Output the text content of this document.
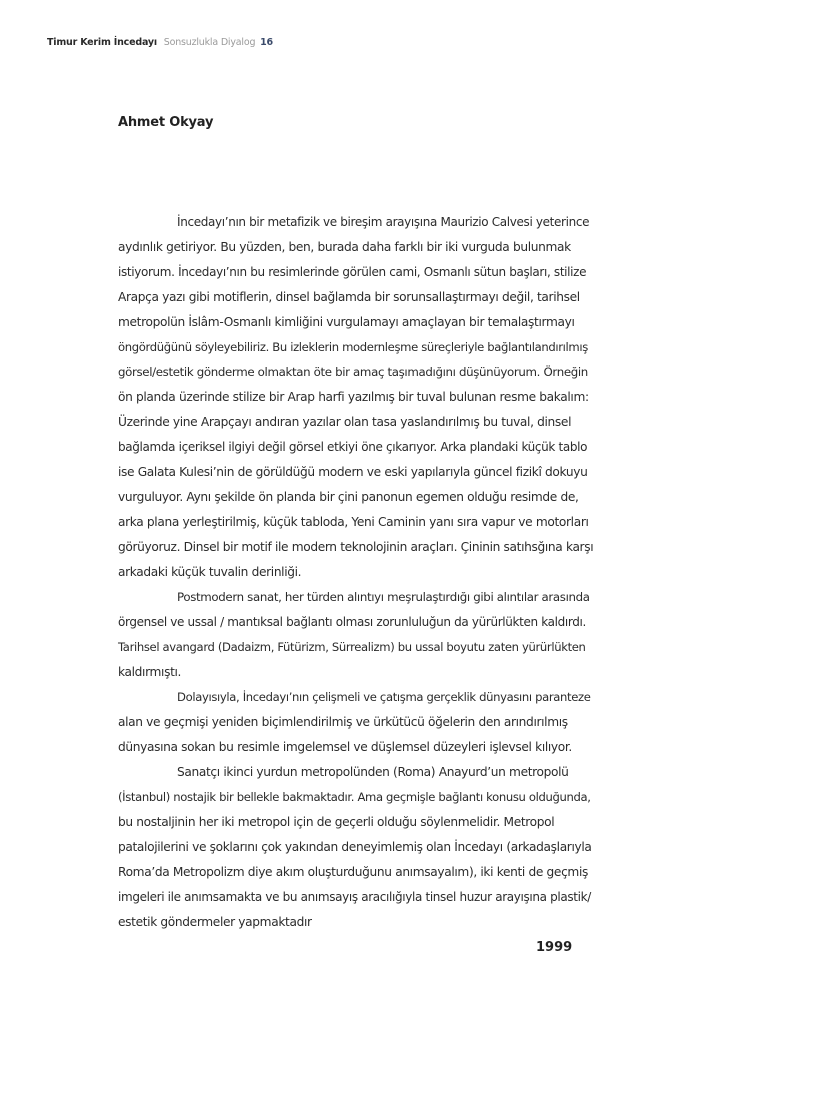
Timur Kerim İncedayı Sonsuzlukla Diyalog 16
Ahmet Okyay
İncedayı’nın bir metafizik ve bireşim arayışına Maurizio Calvesi yeterince
aydınlık getiriyor. Bu yüzden, ben, burada daha farklı bir iki vurguda bulunmak
istiyorum. İncedayı’nın bu resimlerinde görülen cami, Osmanlı sütun başları, stilize
Arapça yazı gibi motiflerin, dinsel bağlamda bir sorunsallaştırmayı değil, tarihsel
metropolün İslâm-Osmanlı kimliğini vurgulamayı amaçlayan bir temalaştırmayı
öngördüğünü söyleyebiliriz. Bu izleklerin modernleşme süreçleriyle bağlantılandırılmış
görsel/estetik gönderme olmaktan öte bir amaç taşımadığını düşünüyorum. Örneğin
ön planda üzerinde stilize bir Arap harfi yazılmış bir tuval bulunan resme bakalım:
Üzerinde yine Arapçayı andıran yazılar olan tasa yaslandırılmış bu tuval, dinsel
bağlamda içeriksel ilgiyi değil görsel etkiyi öne çıkarıyor. Arka plandaki küçük tablo
ise Galata Kulesi’nin de görüldüğü modern ve eski yapılarıyla güncel fizikî dokuyu
vurguluyor. Aynı şekilde ön planda bir çini panonun egemen olduğu resimde de,
arka plana yerleştirilmiş, küçük tabloda, Yeni Caminin yanı sıra vapur ve motorları
görüyoruz. Dinsel bir motif ile modern teknolojinin araçları. Çininin satıhsğına karşı
arkadaki küçük tuvalin derinliği.
Postmodern sanat, her türden alıntıyı meşrulaştırdığı gibi alıntılar arasında
örgensel ve ussal / mantıksal bağlantı olması zorunluluğun da yürürlükten kaldırdı.
Tarihsel avangard (Dadaizm, Fütürizm, Sürrealizm) bu ussal boyutu zaten yürürlükten
kaldırmıştı.
Dolayısıyla, İncedayı’nın çelişmeli ve çatışma gerçeklik dünyasını paranteze
alan ve geçmişi yeniden biçimlendirilmiş ve ürkütücü öğelerin den arındırılmış
dünyasına sokan bu resimle imgelemsel ve düşlemsel düzeyleri işlevsel kılıyor.
Sanatçı ikinci yurdun metropolünden (Roma) Anayurd’un metropolü
(İstanbul) nostajik bir bellekle bakmaktadır. Ama geçmişle bağlantı konusu olduğunda,
bu nostaljinin her iki metropol için de geçerli olduğu söylenmelidir. Metropol
patalojilerini ve şoklarını çok yakından deneyimlemiş olan İncedayı (arkadaşlarıyla
Roma’da Metropolizm diye akım oluşturduğunu anımsayalım), iki kenti de geçmiş
imgeleri ile anımsamakta ve bu anımsayış aracılığıyla tinsel huzur arayışına plastik/
estetik göndermeler yapmaktadır
1999
